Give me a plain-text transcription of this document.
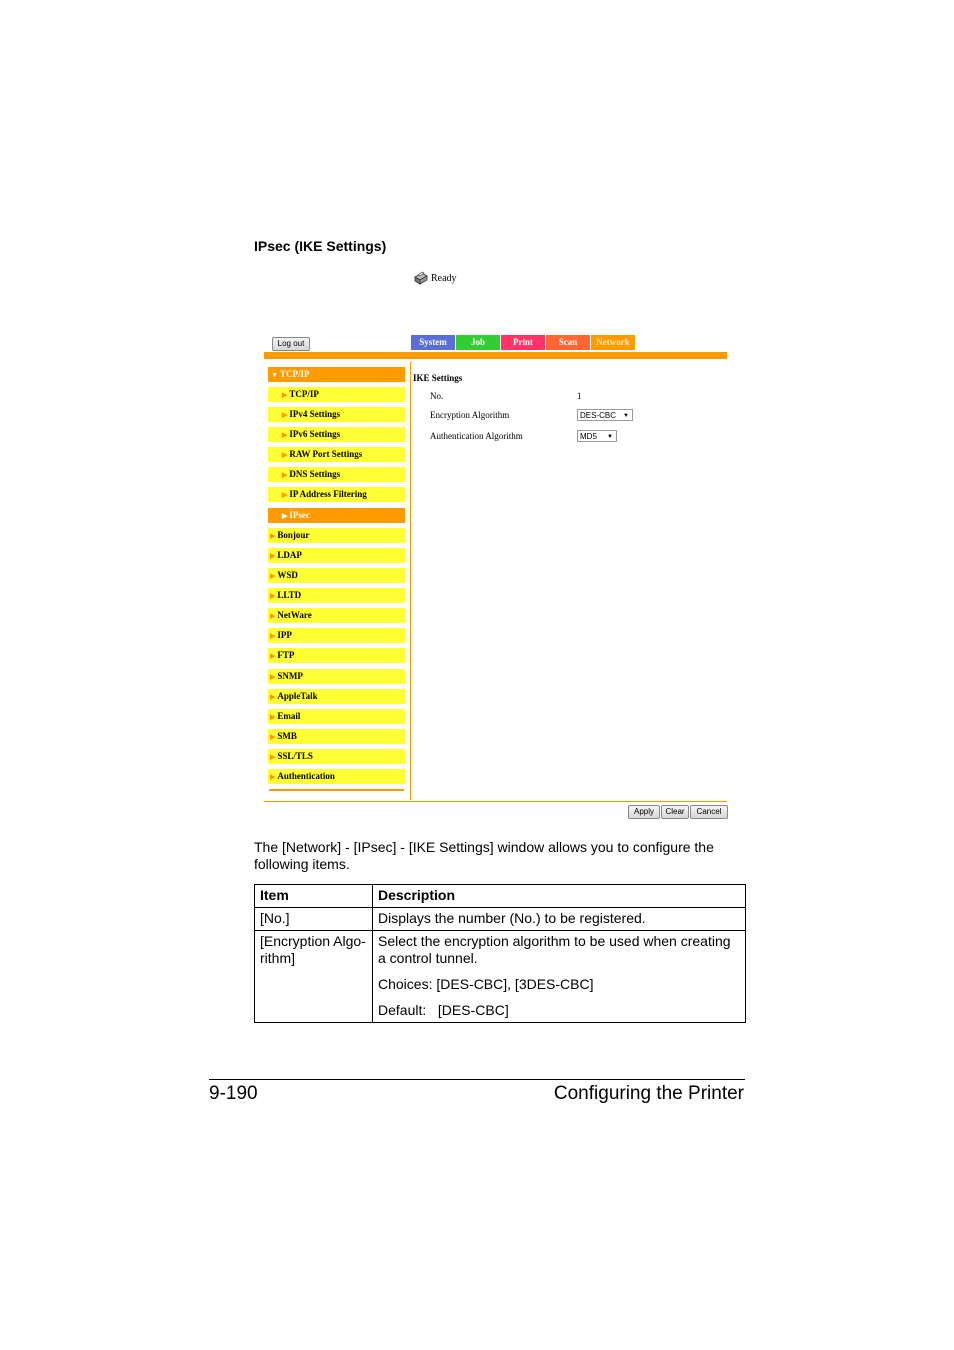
IPsec (IKE Settings)
Ready
Log out	System	Job	Print	Scan	Network
▼ TCP/IP
▶ TCP/IP
▶ IPv4 Settings
▶ IPv6 Settings
▶ RAW Port Settings
▶ DNS Settings
▶ IP Address Filtering
▶ IPsec
▶ Bonjour
▶ LDAP
▶ WSD
▶ LLTD
▶ NetWare
▶ IPP
▶ FTP
▶ SNMP
▶ AppleTalk
▶ Email
▶ SMB
▶ SSL/TLS
▶ Authentication
IKE Settings
No.	1
Encryption Algorithm	DES-CBC ▼
Authentication Algorithm	MD5 ▼
Apply	Clear	Cancel
The [Network] - [IPsec] - [IKE Settings] window allows you to configure the following items.
Item	Description
[No.]	Displays the number (No.) to be registered.

[Encryption Algo-rithm]	Select the encryption algorithm to be used when creating a control tunnel.

Choices: [DES-CBC], [3DES-CBC]

Default:   [DES-CBC]

9-190	Configuring the Printer
